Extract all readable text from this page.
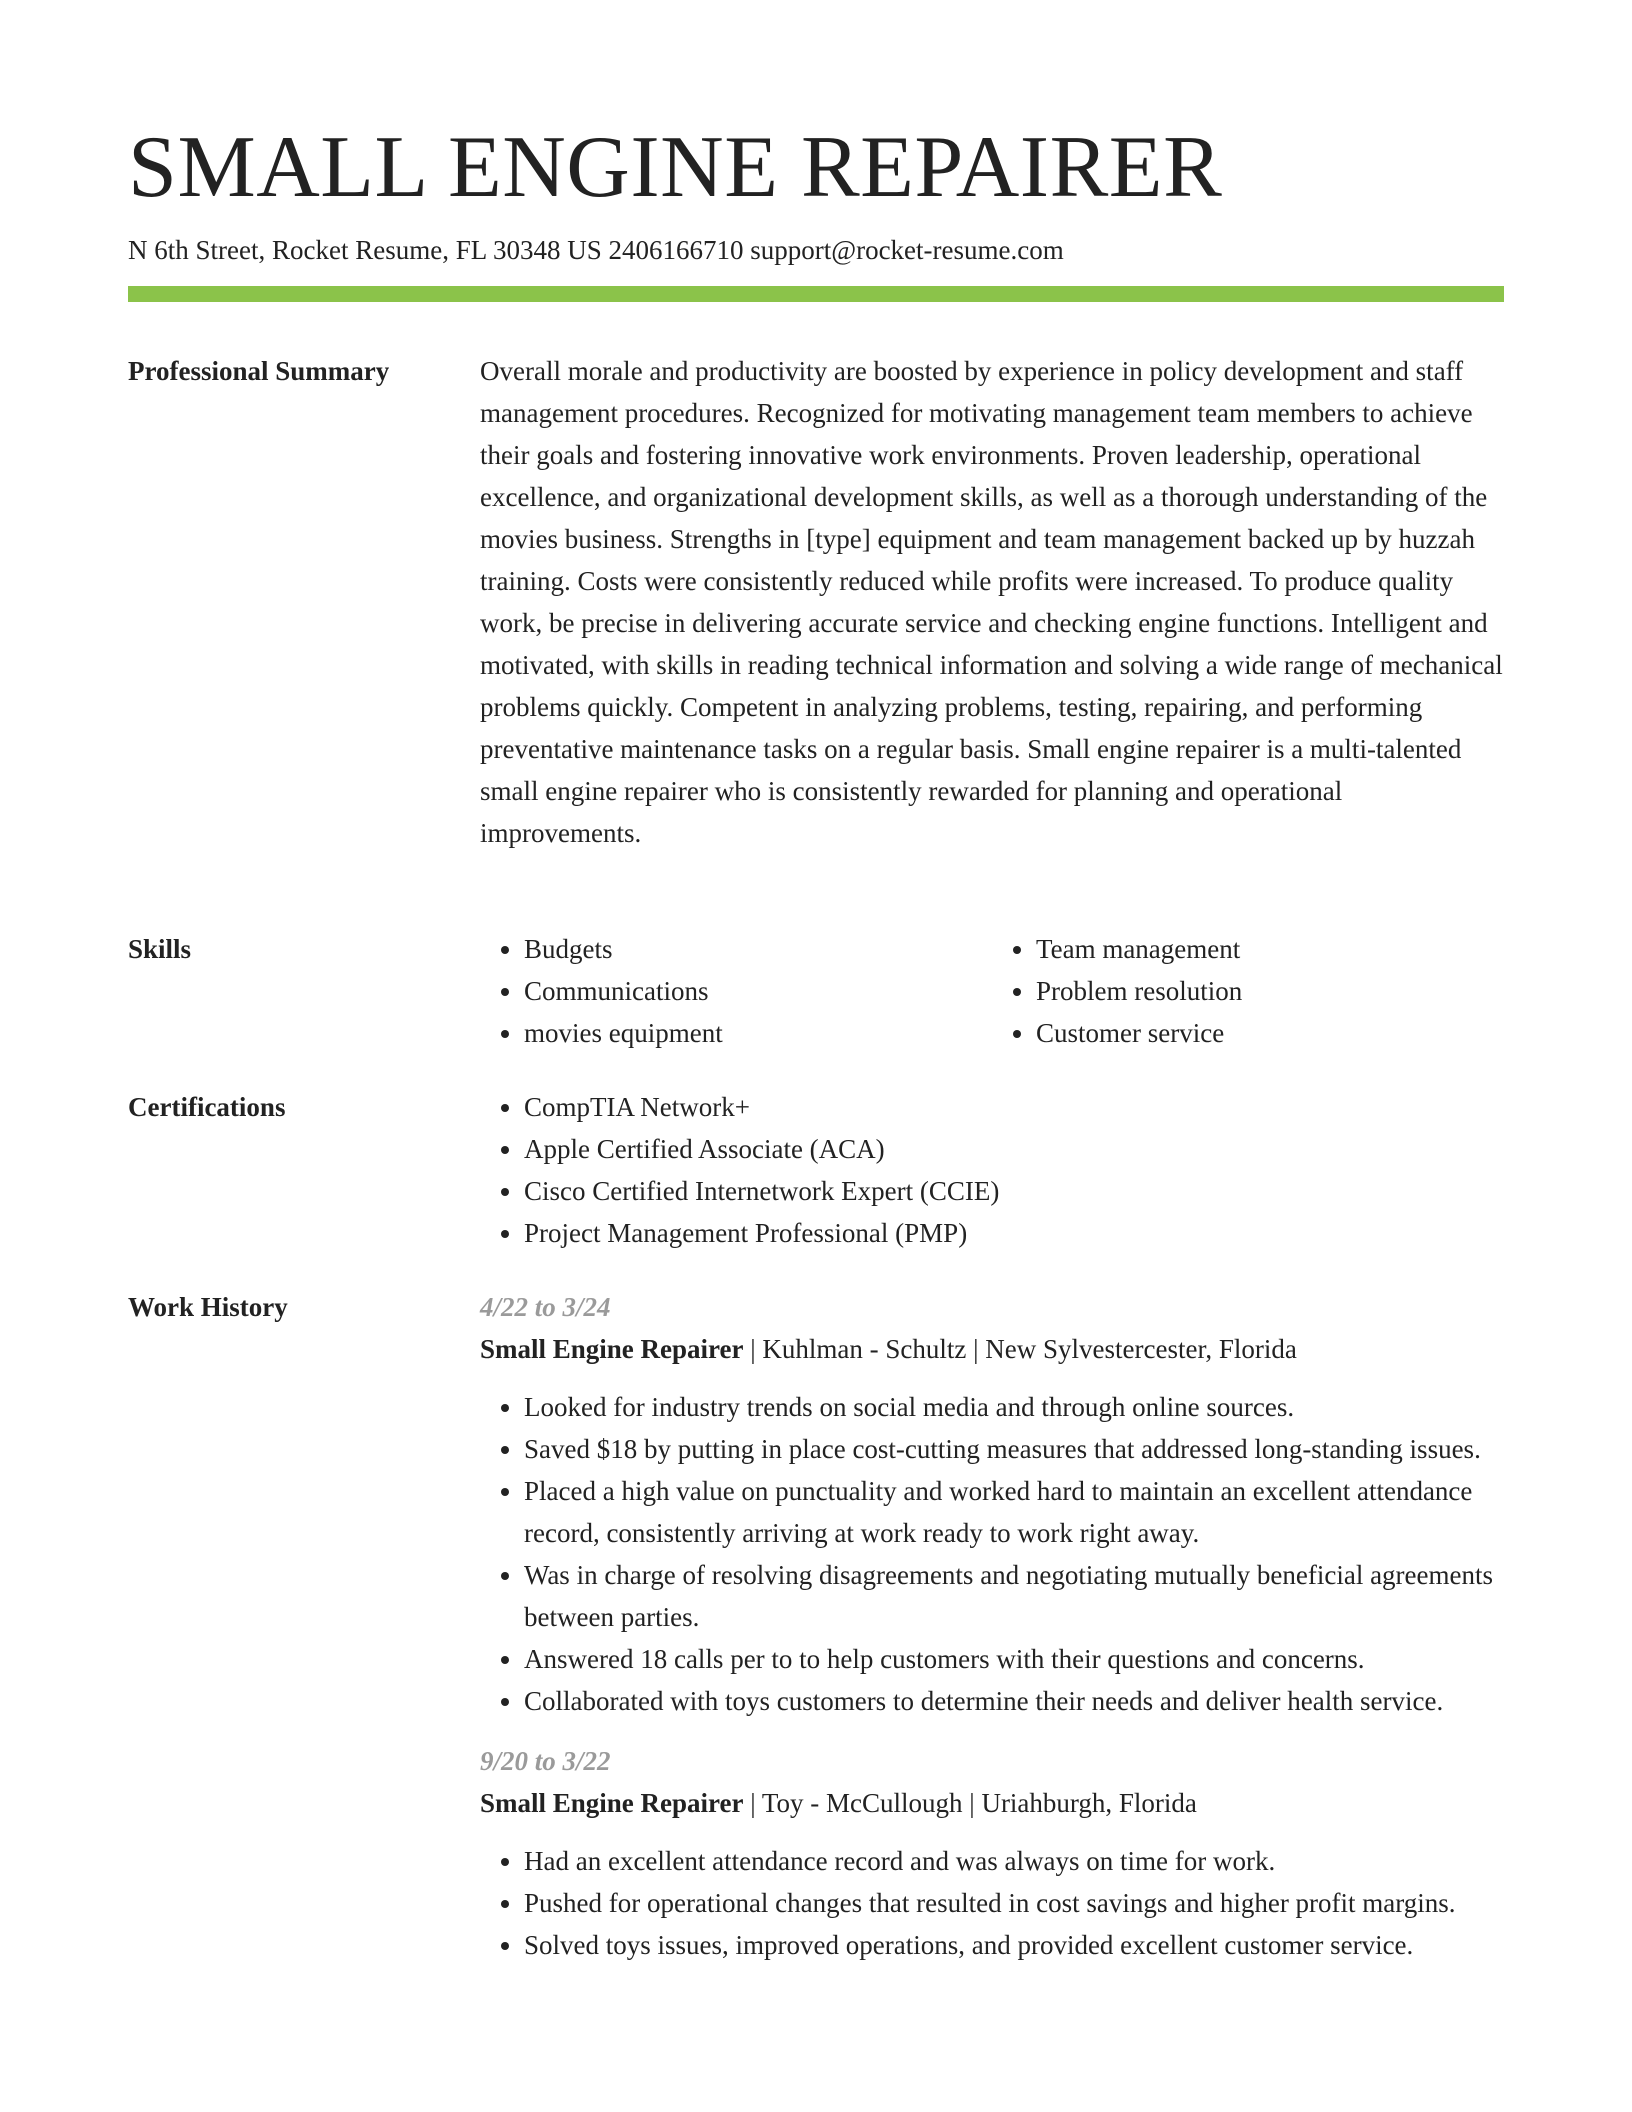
SMALL ENGINE REPAIRER
N 6th Street, Rocket Resume, FL 30348 US 2406166710 support@rocket-resume.com
Professional Summary	Overall morale and productivity are boosted by experience in policy development and staff management procedures. Recognized for motivating management team members to achieve their goals and fostering innovative work environments. Proven leadership, operational excellence, and organizational development skills, as well as a thorough understanding of the movies business. Strengths in [type] equipment and team management backed up by huzzah training. Costs were consistently reduced while profits were increased. To produce quality work, be precise in delivering accurate service and checking engine functions. Intelligent and motivated, with skills in reading technical information and solving a wide range of mechanical problems quickly. Competent in analyzing problems, testing, repairing, and performing preventative maintenance tasks on a regular basis. Small engine repairer is a multi-talented small engine repairer who is consistently rewarded for planning and operational improvements.

Skills	• Budgets
• Communications
• movies equipment
• Team management
• Problem resolution
• Customer service
Certifications	• CompTIA Network+
• Apple Certified Associate (ACA)
• Cisco Certified Internetwork Expert (CCIE)
• Project Management Professional (PMP)
Work History	4/22 to 3/24
Small Engine Repairer | Kuhlman - Schultz | New Sylvestercester, Florida
• Looked for industry trends on social media and through online sources.
• Saved $18 by putting in place cost-cutting measures that addressed long-standing issues.
• Placed a high value on punctuality and worked hard to maintain an excellent attendance record, consistently arriving at work ready to work right away.
• Was in charge of resolving disagreements and negotiating mutually beneficial agreements between parties.
• Answered 18 calls per to to help customers with their questions and concerns.
• Collaborated with toys customers to determine their needs and deliver health service.
9/20 to 3/22
Small Engine Repairer | Toy - McCullough | Uriahburgh, Florida
• Had an excellent attendance record and was always on time for work.
• Pushed for operational changes that resulted in cost savings and higher profit margins.
• Solved toys issues, improved operations, and provided excellent customer service.
